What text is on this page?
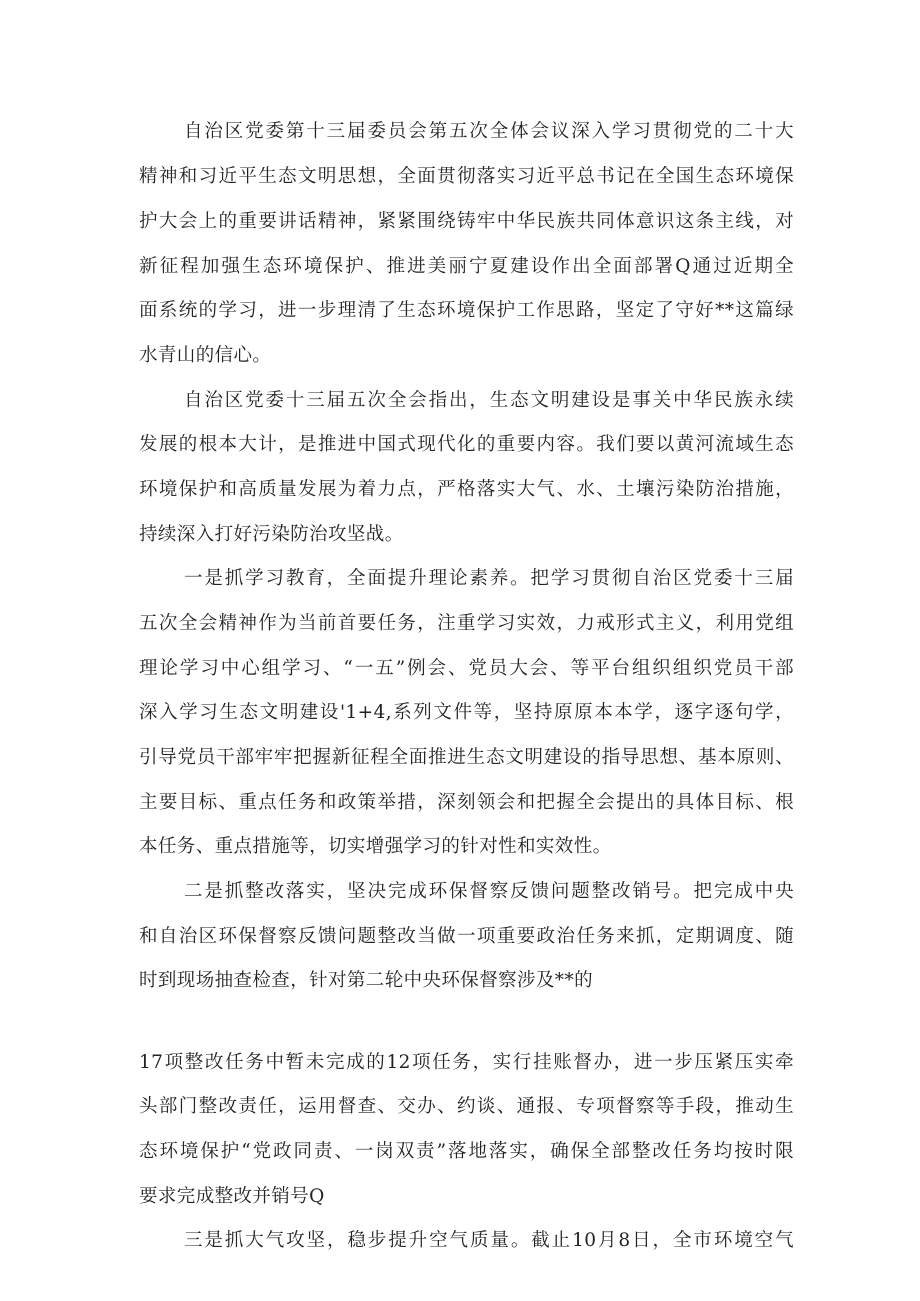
自治区党委第十三届委员会第五次全体会议深入学习贯彻党的二十大

精神和习近平生态文明思想，全面贯彻落实习近平总书记在全国生态环境保

护大会上的重要讲话精神，紧紧围绕铸牢中华民族共同体意识这条主线，对

新征程加强生态环境保护、推进美丽宁夏建设作出全面部署Q通过近期全

面系统的学习，进一步理清了生态环境保护工作思路，坚定了守好**这篇绿

水青山的信心。

自治区党委十三届五次全会指出，生态文明建设是事关中华民族永续

发展的根本大计，是推进中国式现代化的重要内容。我们要以黄河流域生态

环境保护和高质量发展为着力点，严格落实大气、水、土壤污染防治措施，

持续深入打好污染防治攻坚战。

一是抓学习教育，全面提升理论素养。把学习贯彻自治区党委十三届

五次全会精神作为当前首要任务，注重学习实效，力戒形式主义，利用党组

理论学习中心组学习、“一五”例会、党员大会、等平台组织组织党员干部

深入学习生态文明建设'1+4,系列文件等，坚持原原本本学，逐字逐句学，

引导党员干部牢牢把握新征程全面推进生态文明建设的指导思想、基本原则、

主要目标、重点任务和政策举措，深刻领会和把握全会提出的具体目标、根

本任务、重点措施等，切实增强学习的针对性和实效性。

二是抓整改落实，坚决完成环保督察反馈问题整改销号。把完成中央

和自治区环保督察反馈问题整改当做一项重要政治任务来抓，定期调度、随

时到现场抽查检查，针对第二轮中央环保督察涉及**的

17项整改任务中暂未完成的12项任务，实行挂账督办，进一步压紧压实牵

头部门整改责任，运用督查、交办、约谈、通报、专项督察等手段，推动生

态环境保护“党政同责、一岗双责”落地落实，确保全部整改任务均按时限

要求完成整改并销号Q

三是抓大气攻坚，稳步提升空气质量。截止10月8日，全市环境空气
